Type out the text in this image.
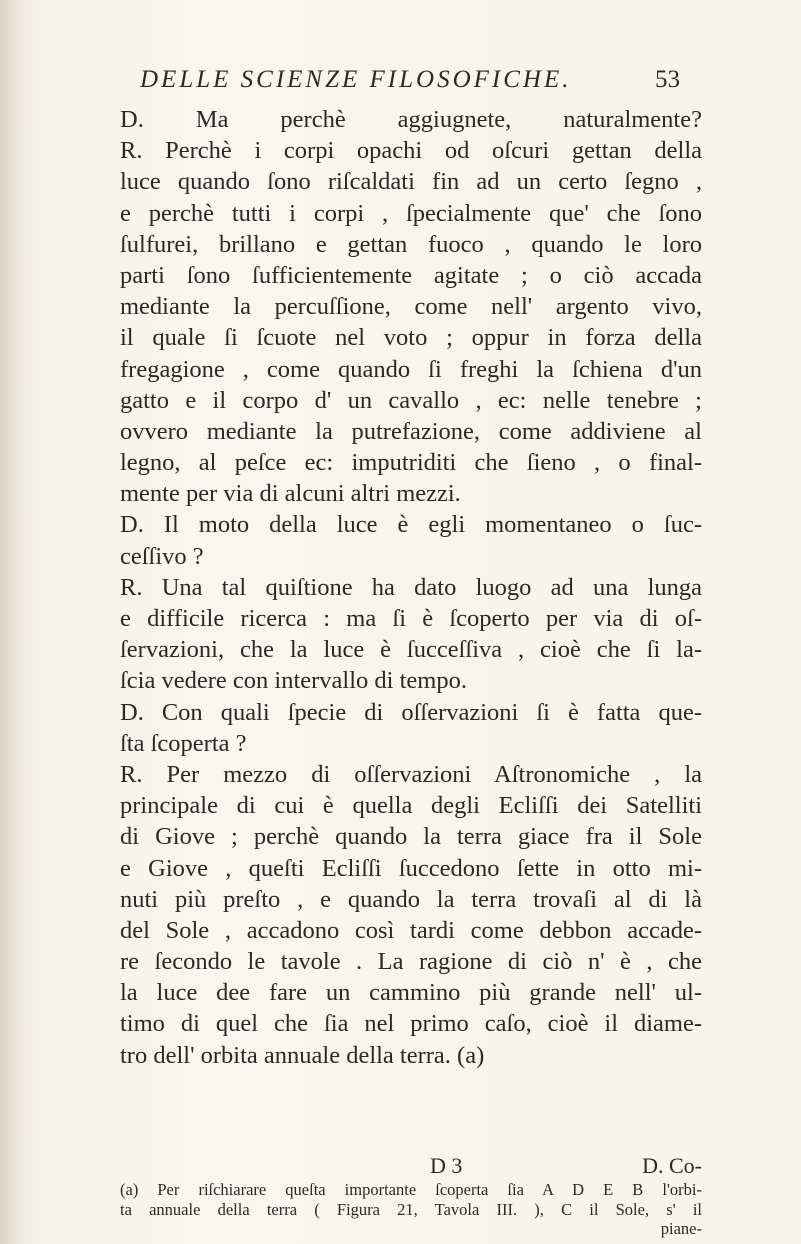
DELLE SCIENZE FILOSOFICHE.	53
D. Ma perchè aggiugnete, naturalmente?
R. Perchè i corpi opachi od oſcuri gettan della
luce quando ſono riſcaldati fin ad un certo ſegno ,
e perchè tutti i corpi , ſpecialmente que' che ſono
ſulfurei, brillano e gettan fuoco , quando le loro
parti ſono ſufficientemente agitate ; o ciò accada
mediante la percuſſione, come nell' argento vivo,
il quale ſi ſcuote nel voto ; oppur in forza della
fregagione , come quando ſi freghi la ſchiena d'un
gatto e il corpo d' un cavallo , ec: nelle tenebre ;
ovvero mediante la putrefazione, come addiviene al
legno, al peſce ec: imputriditi che ſieno , o final-
mente per via di alcuni altri mezzi.
D. Il moto della luce è egli momentaneo o ſuc-
ceſſivo ?
R. Una tal quiſtione ha dato luogo ad una lunga
e difficile ricerca : ma ſi è ſcoperto per via di oſ-
ſervazioni, che la luce è ſucceſſiva , cioè che ſi la-
ſcia vedere con intervallo di tempo.
D. Con quali ſpecie di oſſervazioni ſi è fatta que-
ſta ſcoperta ?
R. Per mezzo di oſſervazioni Aſtronomiche , la
principale di cui è quella degli Ecliſſi dei Satelliti
di Giove ; perchè quando la terra giace fra il Sole
e Giove , queſti Ecliſſi ſuccedono ſette in otto mi-
nuti più preſto , e quando la terra trovaſi al di là
del Sole , accadono così tardi come debbon accade-
re ſecondo le tavole . La ragione di ciò n' è , che
la luce dee fare un cammino più grande nell' ul-
timo di quel che ſia nel primo caſo, cioè il diame-
tro dell' orbita annuale della terra. (a)
D 3	D. Co-
(a) Per riſchiarare queſta importante ſcoperta ſia A D E B l'orbi-
ta annuale della terra ( Figura 21, Tavola III. ), C il Sole, s' il
piane-
